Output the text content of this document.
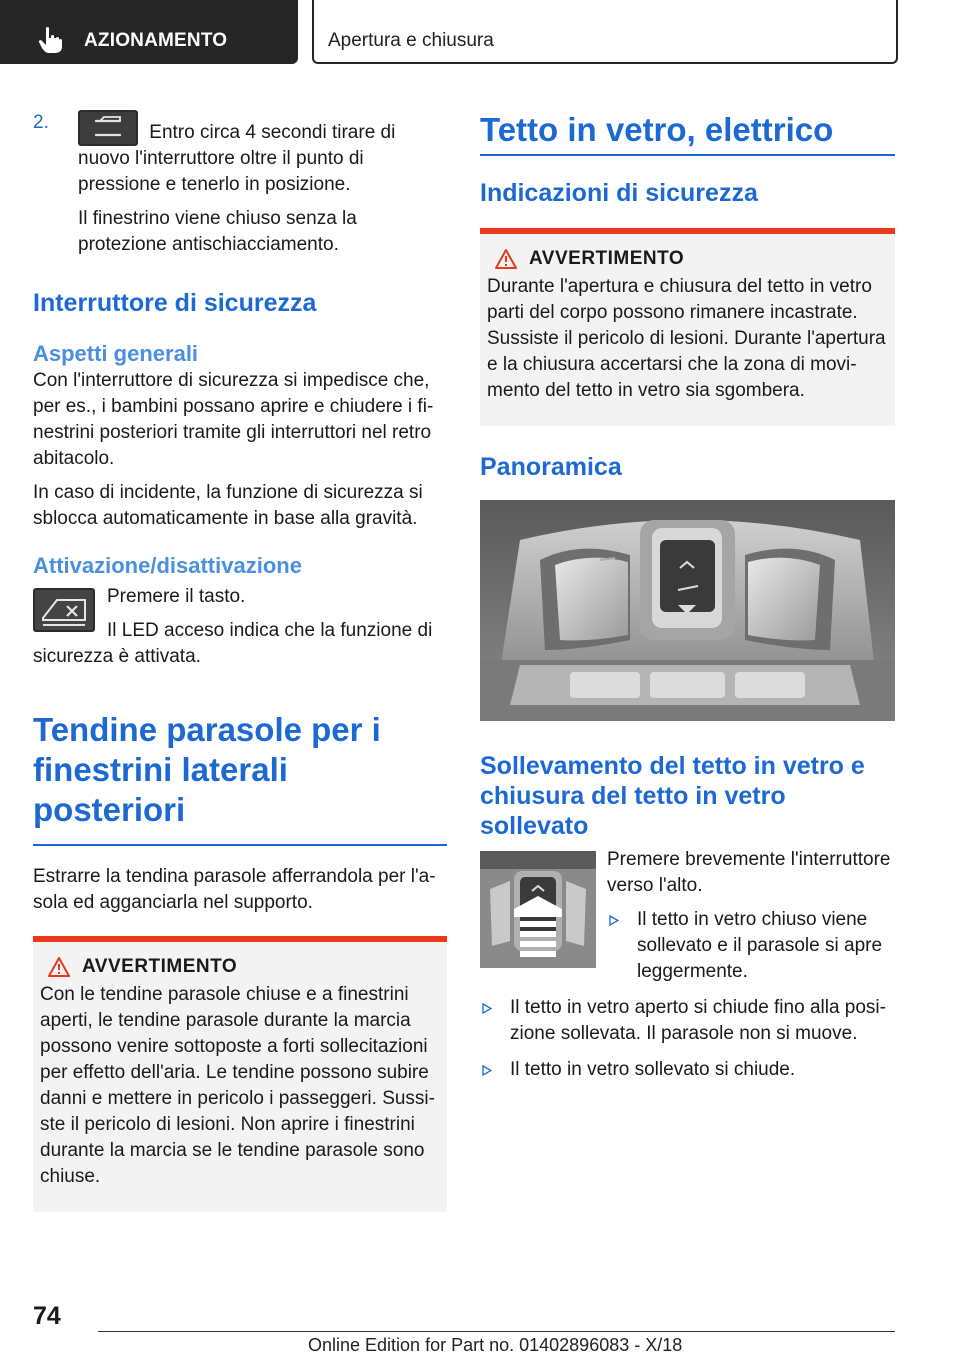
AZIONAMENTO	Apertura e chiusura
2.	Entro circa 4 secondi tirare di nuovo l'interruttore oltre il punto di pressione e tenerlo in posizione.

Il finestrino viene chiuso senza la protezione antischiacciamento.

Interruttore di sicurezza
Aspetti generali

Con l'interruttore di sicurezza si impedisce che, per es., i bambini possano aprire e chiudere i finestrini posteriori tramite gli interruttori nel retro abitacolo.

In caso di incidente, la funzione di sicurezza si sblocca automaticamente in base alla gravità.

Attivazione/disattivazione

Premere il tasto.

Il LED acceso indica che la funzione di sicurezza è attivata.

Tendine parasole per i finestrini laterali posteriori

Estrarre la tendina parasole afferrandola per l'asola ed agganciarla nel supporto.

AVVERTIMENTO

Con le tendine parasole chiuse e a finestrini aperti, le tendine parasole durante la marcia possono venire sottoposte a forti sollecitazioni per effetto dell'aria. Le tendine possono subire danni e mettere in pericolo i passeggeri. Sussiste il pericolo di lesioni. Non aprire i finestrini durante la marcia se le tendine parasole sono chiuse.

Tetto in vetro, elettrico
Indicazioni di sicurezza
AVVERTIMENTO

Durante l'apertura e chiusura del tetto in vetro parti del corpo possono rimanere incastrate. Sussiste il pericolo di lesioni. Durante l'apertura e la chiusura accertarsi che la zona di movimento del tetto in vetro sia sgombera.

Panoramica
Sollevamento del tetto in vetro e chiusura del tetto in vetro sollevato

Premere brevemente l'interruttore verso l'alto.

Il tetto in vetro chiuso viene sollevato e il parasole si apre leggermente.

Il tetto in vetro aperto si chiude fino alla posizione sollevata. Il parasole non si muove.

Il tetto in vetro sollevato si chiude.

74
Online Edition for Part no. 01402896083 - X/18
